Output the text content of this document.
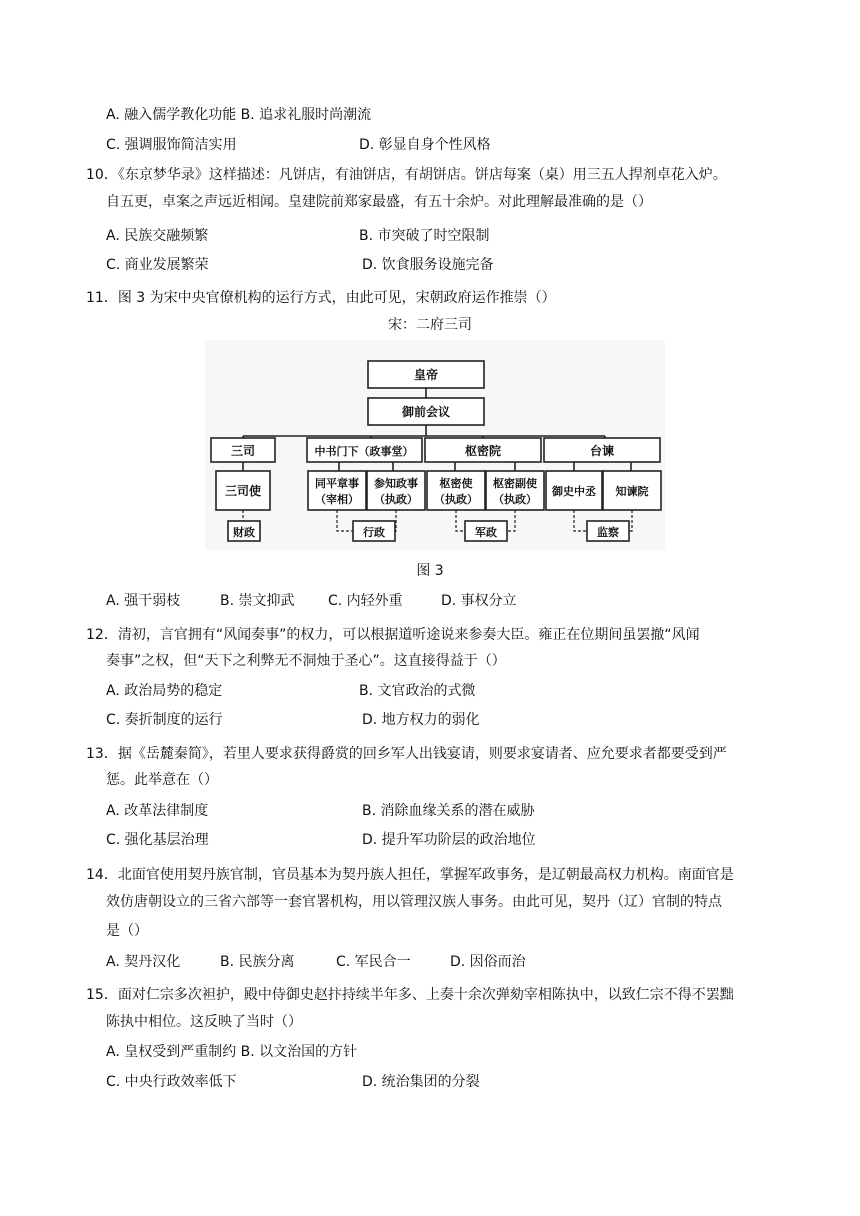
A. 融入儒学教化功能 B. 追求礼服时尚潮流
C. 强调服饰简洁实用	D. 彰显自身个性风格
10．《东京梦华录》这样描述：凡饼店，有油饼店，有胡饼店。饼店每案（桌）用三五人捍剂卓花入炉。
自五更，卓案之声远近相闻。皇建院前郑家最盛，有五十余炉。对此理解最准确的是（）
A. 民族交融频繁	B. 市突破了时空限制
C. 商业发展繁荣	D. 饮食服务设施完备
11．图 3 为宋中央官僚机构的运行方式，由此可见，宋朝政府运作推崇（）
宋：二府三司
皇帝
御前会议
三司	中书门下（政事堂）	枢密院	台谏
三司使
同平章事
（宰相）
参知政事
（执政）
枢密使
（执政）
枢密副使
（执政）
御史中丞 知谏院
财政	行政	军政	监察
图 3
A. 强干弱枝	B. 崇文抑武 C. 内轻外重	D. 事权分立
12．清初，言官拥有“风闻奏事”的权力，可以根据道听途说来参奏大臣。雍正在位期间虽罢撤“风闻
奏事”之权，但“天下之利弊无不洞烛于圣心”。这直接得益于（）
A. 政治局势的稳定	B. 文官政治的式微
C. 奏折制度的运行	D. 地方权力的弱化
13．据《岳麓秦简》，若里人要求获得爵赏的回乡军人出钱宴请，则要求宴请者、应允要求者都要受到严
惩。此举意在（）
A. 改革法律制度	B. 消除血缘关系的潜在威胁
C. 强化基层治理	D. 提升军功阶层的政治地位
14．北面官使用契丹族官制，官员基本为契丹族人担任，掌握军政事务，是辽朝最高权力机构。南面官是
效仿唐朝设立的三省六部等一套官署机构，用以管理汉族人事务。由此可见，契丹（辽）官制的特点
是（）
A. 契丹汉化	B. 民族分离	C. 军民合一	D. 因俗而治
15．面对仁宗多次袒护，殿中侍御史赵抃持续半年多、上奏十余次弹劾宰相陈执中，以致仁宗不得不罢黜
陈执中相位。这反映了当时（）
A. 皇权受到严重制约 B. 以文治国的方针
C. 中央行政效率低下	D. 统治集团的分裂
